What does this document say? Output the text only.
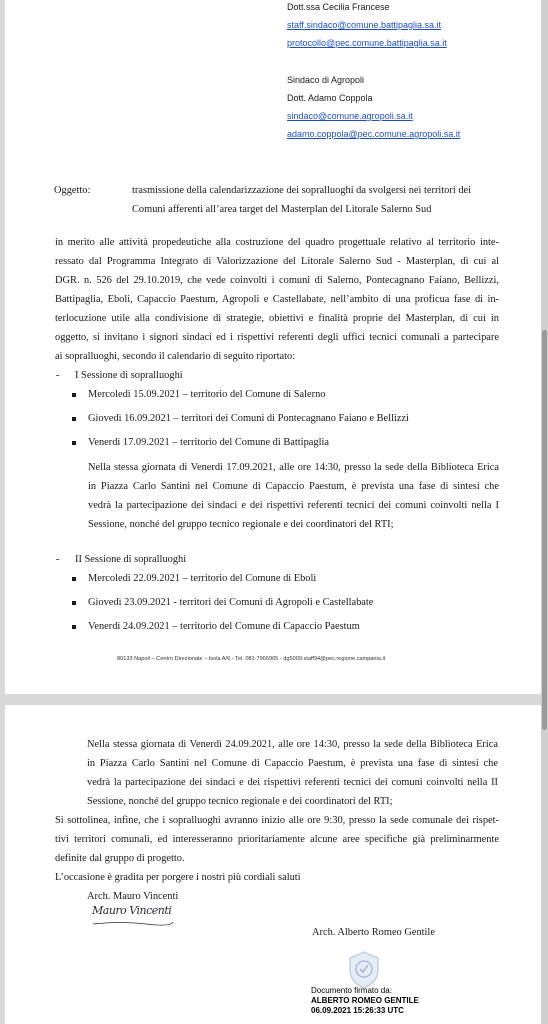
Dott.ssa Cecilia Francese
staff.sindaco@comune.battipaglia.sa.it
protocollo@pec.comune.battipaglia.sa.it
Sindaco di Agropoli
Dott. Adamo Coppola
sindaco@comune.agropoli.sa.it
adamo.coppola@pec.comune.agropoli.sa.it
Oggetto:	trasmissione della calendarizzazione dei sopralluoghi da svolgersi nei territori dei
Comuni afferenti all’area target del Masterplan del Litorale Salerno Sud
in merito alle attività propedeutiche alla costruzione del quadro progettuale relativo al territorio inte-
ressato dal Programma Integrato di Valorizzazione del Litorale Salerno Sud - Masterplan, di cui al
DGR. n. 526 del 29.10.2019, che vede coinvolti i comuni di Salerno, Pontecagnano Faiano, Bellizzi,
Battipaglia, Eboli, Capaccio Paestum, Agropoli e Castellabate, nell’ambito di una proficua fase di in-
terlocuzione utile alla condivisione di strategie, obiettivi e finalità proprie del Masterplan, di cui in
oggetto, si invitano i signori sindaci ed i rispettivi referenti degli uffici tecnici comunali a partecipare
ai sopralluoghi, secondo il calendario di seguito riportato:
- I Sessione di sopralluoghi
Mercoledì 15.09.2021 – territorio del Comune di Salerno
Giovedì 16.09.2021 – territori dei Comuni di Pontecagnano Faiano e Bellizzi
Venerdì 17.09.2021 – territorio del Comune di Battipaglia
Nella stessa giornata di Venerdì 17.09.2021, alle ore 14:30, presso la sede della Biblioteca Erica
in Piazza Carlo Santini nel Comune di Capaccio Paestum, è prevista una fase di sintesi che
vedrà la partecipazione dei sindaci e dei rispettivi referenti tecnici dei comuni coinvolti nella I
Sessione, nonché del gruppo tecnico regionale e dei coordinatori del RTI;
- II Sessione di sopralluoghi
Mercoledì 22.09.2021 – territorio del Comune di Eboli
Giovedì 23.09.2021 - territori dei Comuni di Agropoli e Castellabate
Venerdì 24.09.2021 – territorio del Comune di Capaccio Paestum
80133 Napoli – Centro Direzionale – Isola A/6 - Tel. 081-7966965 - dg5009.staff94@pec.regione.campania.it
Nella stessa giornata di Venerdì 24.09.2021, alle ore 14:30, presso la sede della Biblioteca Erica
in Piazza Carlo Santini nel Comune di Capaccio Paestum, è prevista una fase di sintesi che
vedrà la partecipazione dei sindaci e dei rispettivi referenti tecnici dei comuni coinvolti nella II
Sessione, nonché del gruppo tecnico regionale e dei coordinatori del RTI;
Si sottolinea, infine, che i sopralluoghi avranno inizio alle ore 9:30, presso la sede comunale dei rispet-
tivi territori comunali, ed interesseranno prioritariamente alcune aree specifiche già preliminarmente
definite dal gruppo di progetto.
L’occasione è gradita per porgere i nostri più cordiali saluti
Arch. Mauro Vincenti
Mauro Vincenti
Arch. Alberto Romeo Gentile
Documento firmato da:
ALBERTO ROMEO GENTILE
06.09.2021 15:26:33 UTC
